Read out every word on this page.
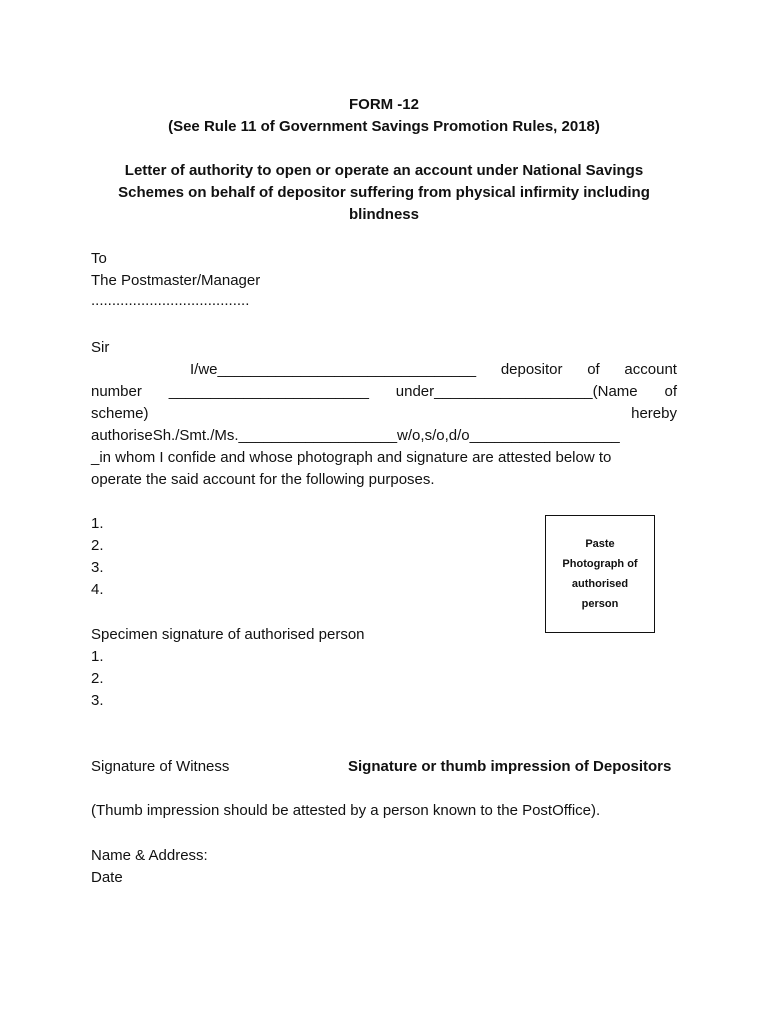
FORM -12
(See Rule 11 of Government Savings Promotion Rules, 2018)
Letter of authority to open or operate an account under National Savings
Schemes on behalf of depositor suffering from physical infirmity including
blindness
To
The Postmaster/Manager
......................................
Sir
I/we_______________________________ depositor of account
number ________________________ under___________________(Name of
scheme)	hereby
authoriseSh./Smt./Ms.___________________w/o,s/o,d/o__________________
_in whom I confide and whose photograph and signature are attested below to
operate the said account for the following purposes.
1.
2.
3.
4.
Paste
Photograph of
authorised
person
Specimen signature of authorised person
1.
2.
3.
Signature of Witness	Signature or thumb impression of Depositors
(Thumb impression should be attested by a person known to the PostOffice).
Name & Address:
Date
